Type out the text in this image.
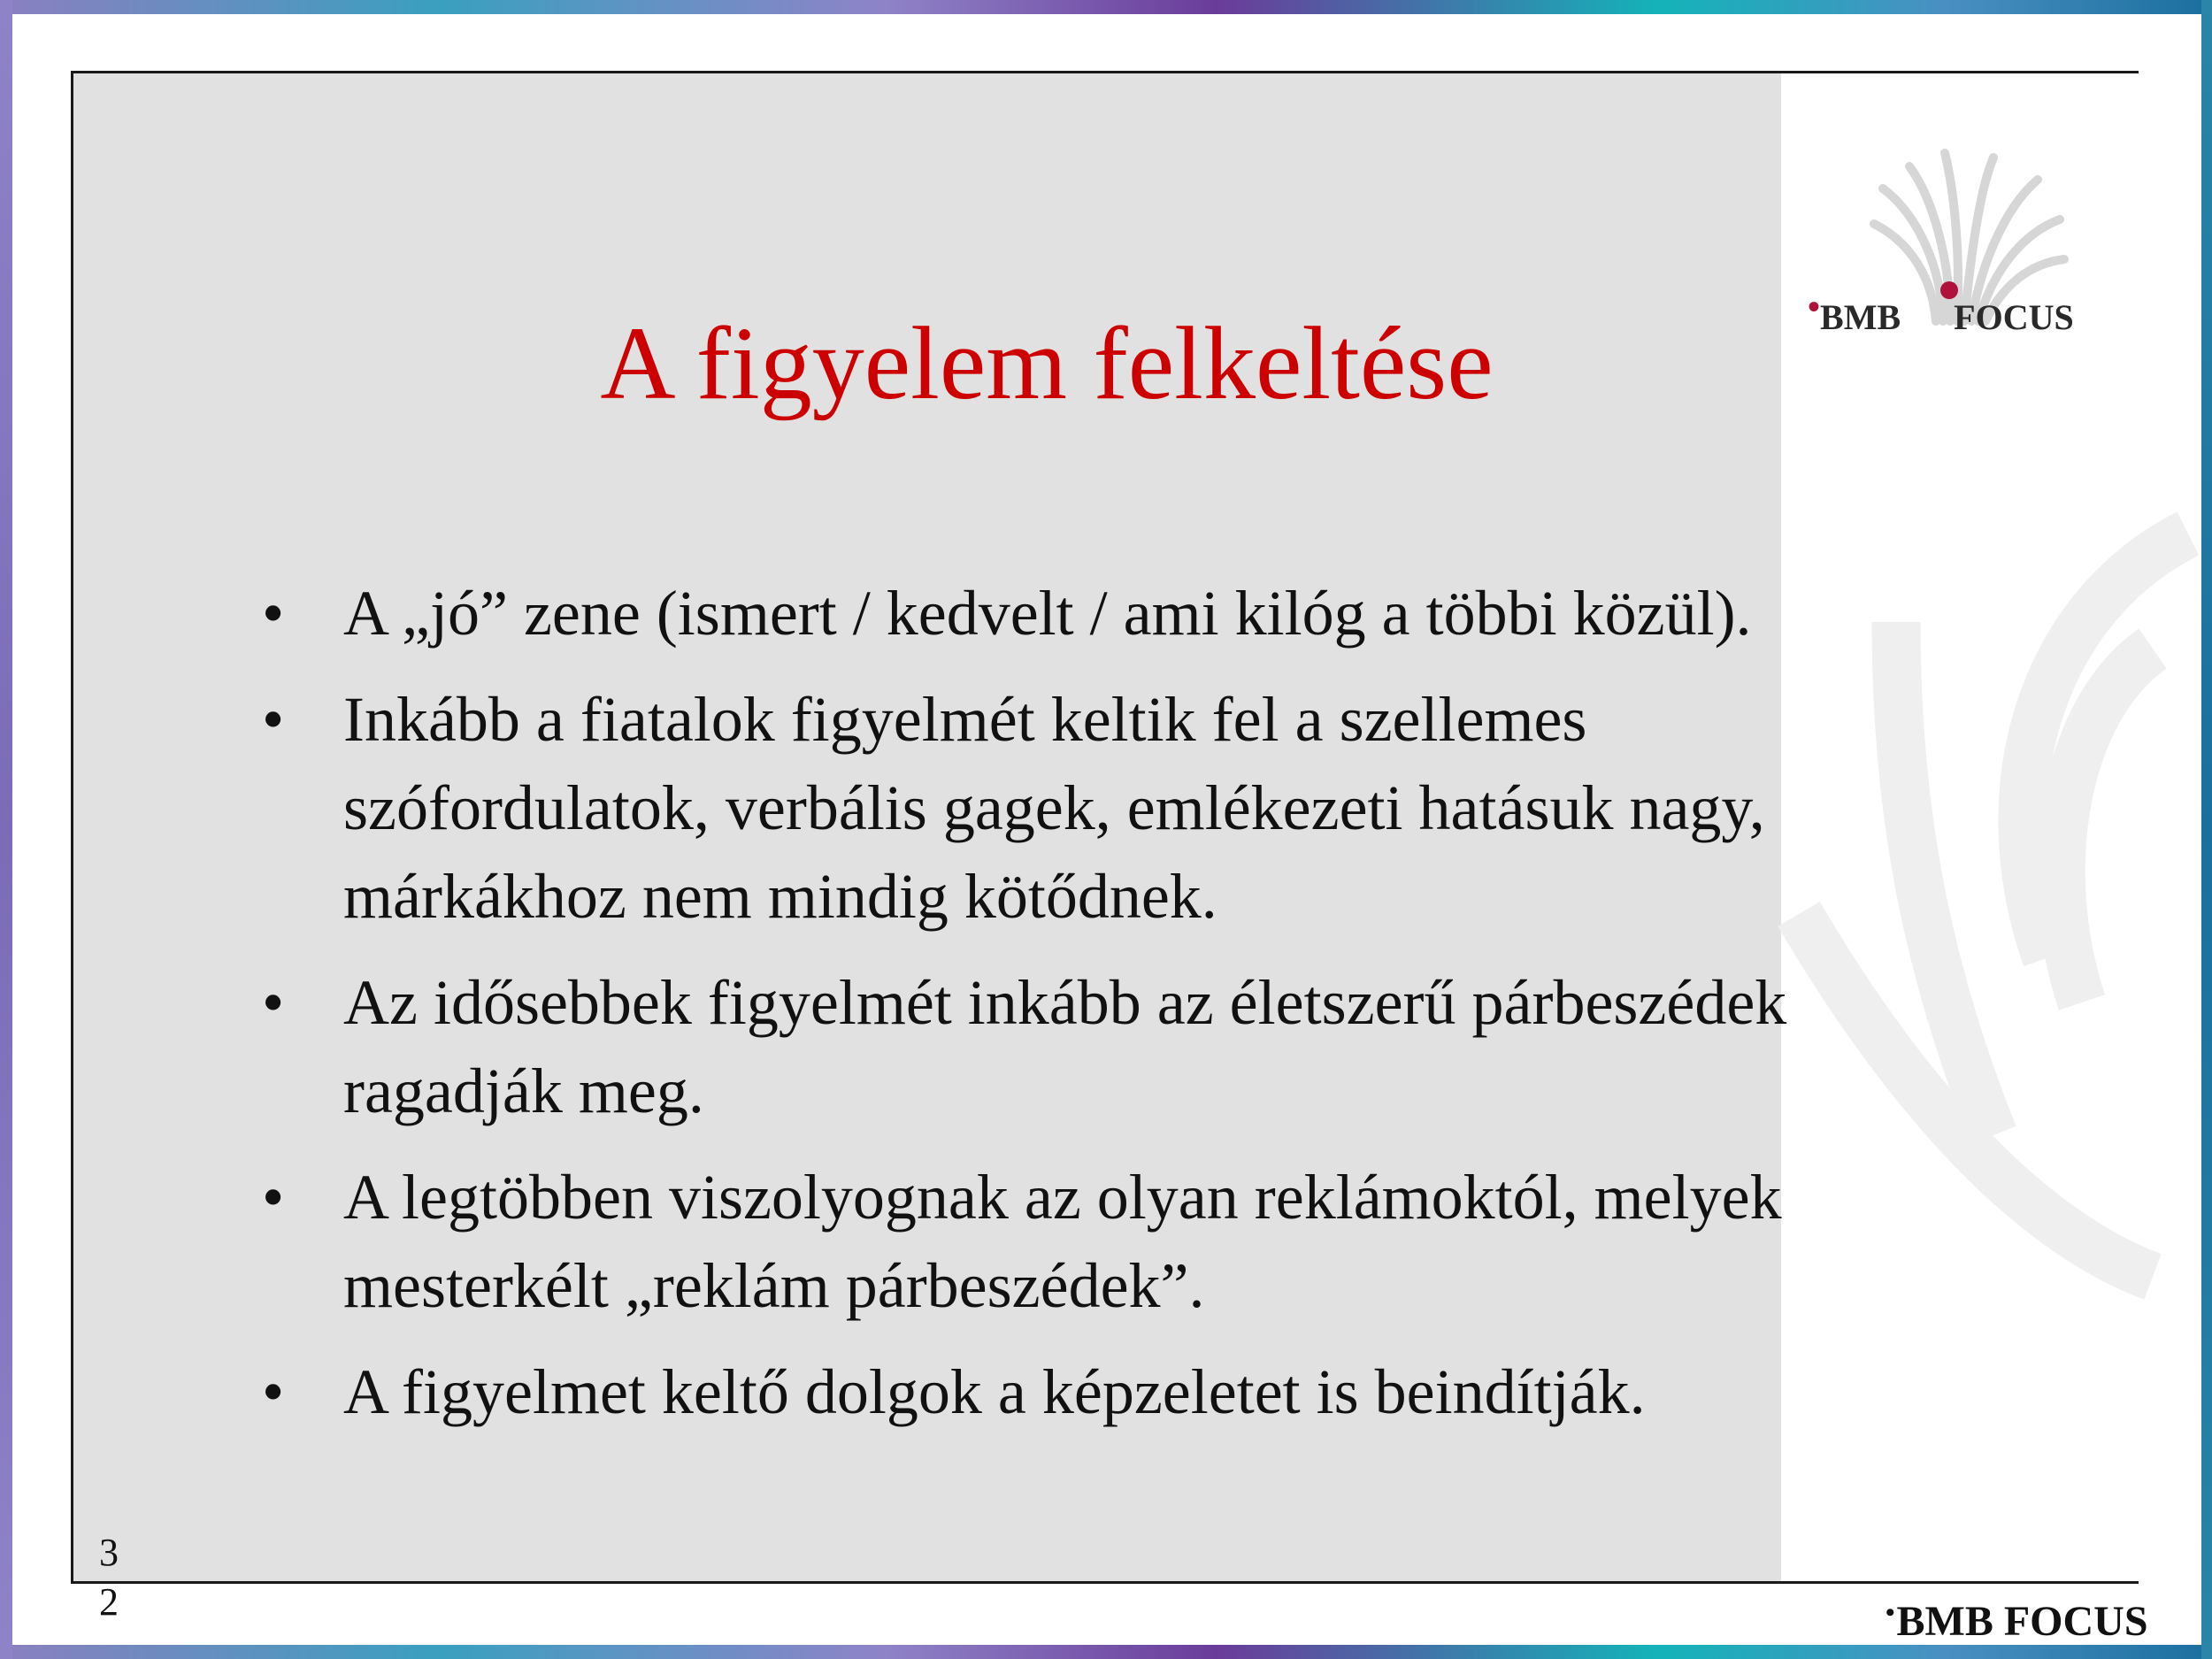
•BMB FOCUS
A figyelem felkeltése
• A „jó” zene (ismert / kedvelt / ami kilóg a többi közül).
• Inkább a fiatalok figyelmét keltik fel a szellemes szófordulatok, verbális gagek, emlékezeti hatásuk nagy, márkákhoz nem mindig kötődnek.
• Az idősebbek figyelmét inkább az életszerű párbeszédek ragadják meg.
• A legtöbben viszolyognak az olyan reklámoktól, melyek mesterkélt „reklám párbeszédek”.
• A figyelmet keltő dolgok a képzeletet is beindítják.
•BMB FOCUS
3
2
